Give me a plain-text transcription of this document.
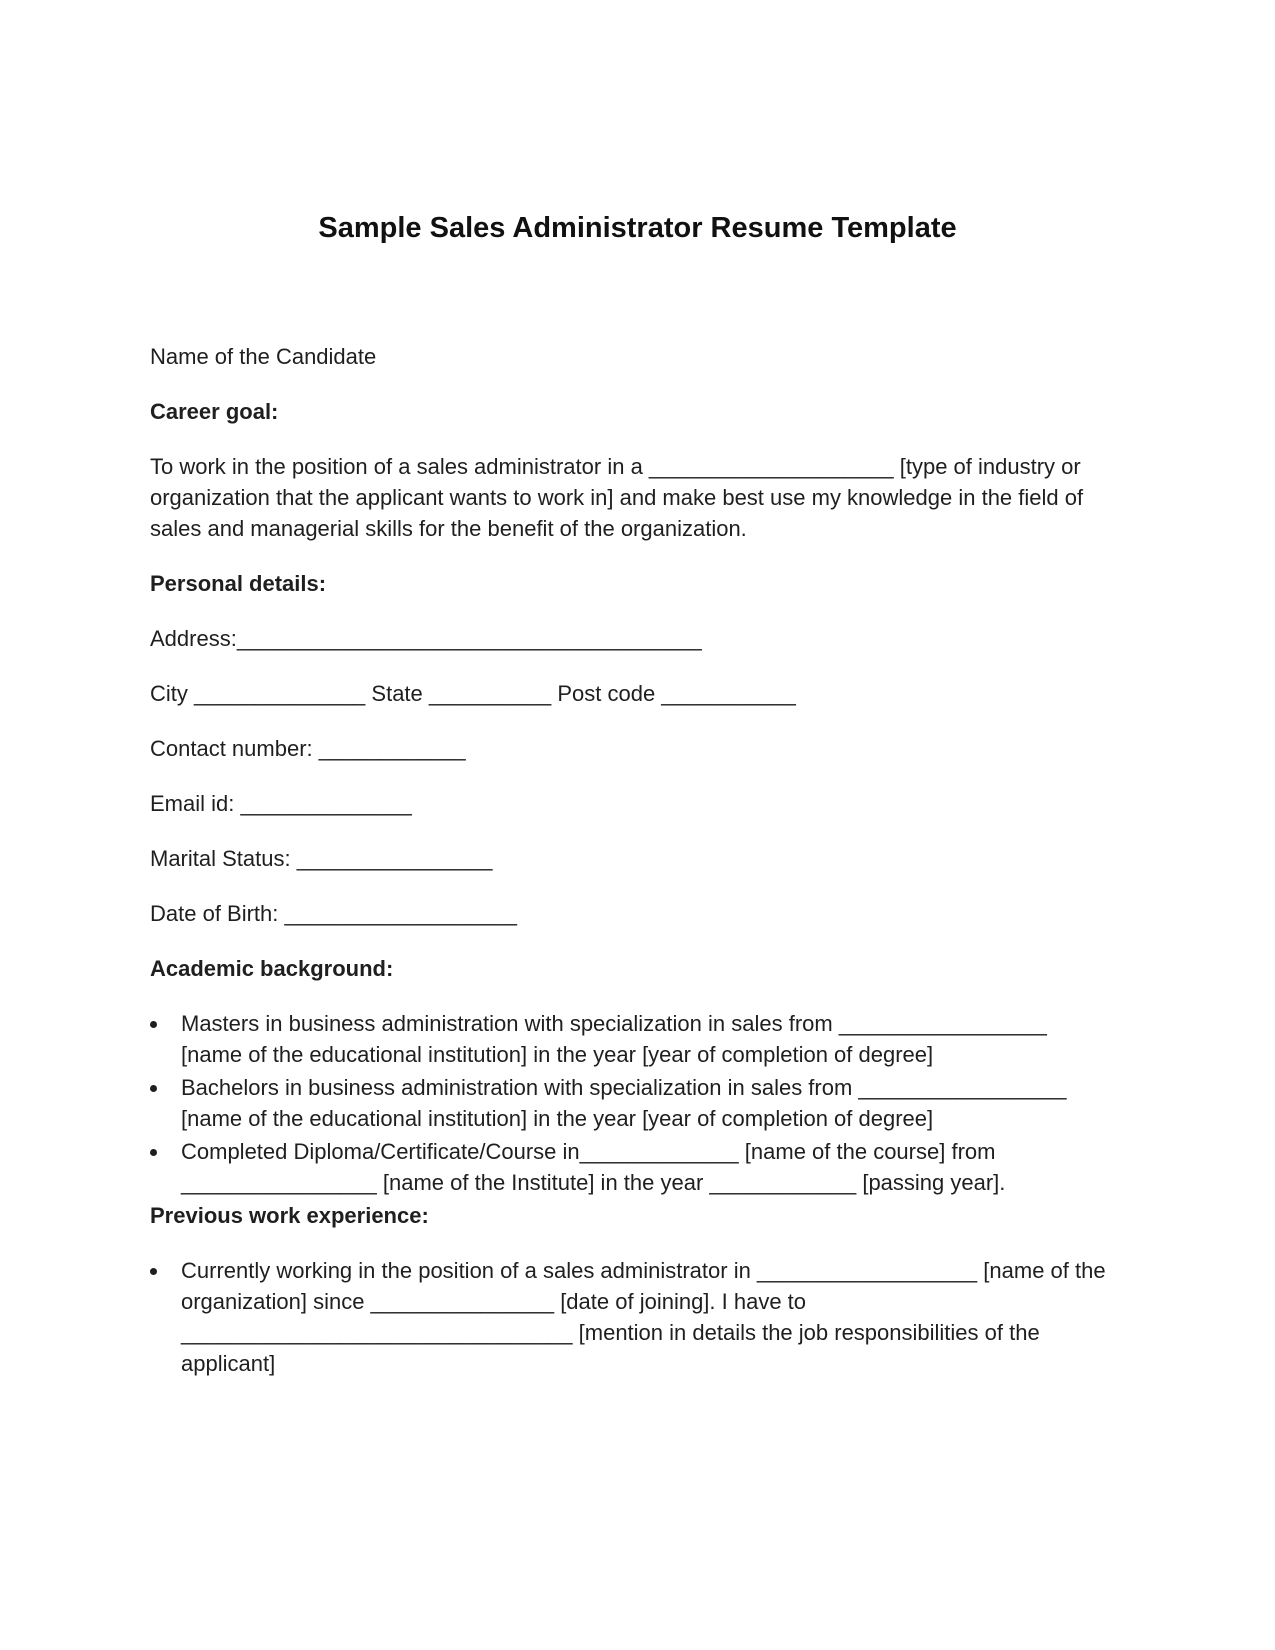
Sample Sales Administrator Resume Template

Name of the Candidate

Career goal:

To work in the position of a sales administrator in a ____________________ [type of industry or organization that the applicant wants to work in] and make best use my knowledge in the field of sales and managerial skills for the benefit of the organization.

Personal details:

Address:______________________________________

City ______________ State __________ Post code ___________

Contact number: ____________

Email id: ______________

Marital Status: ________________

Date of Birth: ___________________

Academic background:

Masters in business administration with specialization in sales from _________________ [name of the educational institution] in the year [year of completion of degree]
Bachelors in business administration with specialization in sales from _________________ [name of the educational institution] in the year [year of completion of degree]
Completed Diploma/Certificate/Course in_____________ [name of the course] from ________________ [name of the Institute] in the year ____________ [passing year].

Previous work experience:

Currently working in the position of a sales administrator in __________________ [name of the organization] since _______________ [date of joining]. I have to ________________________________ [mention in details the job responsibilities of the applicant]
